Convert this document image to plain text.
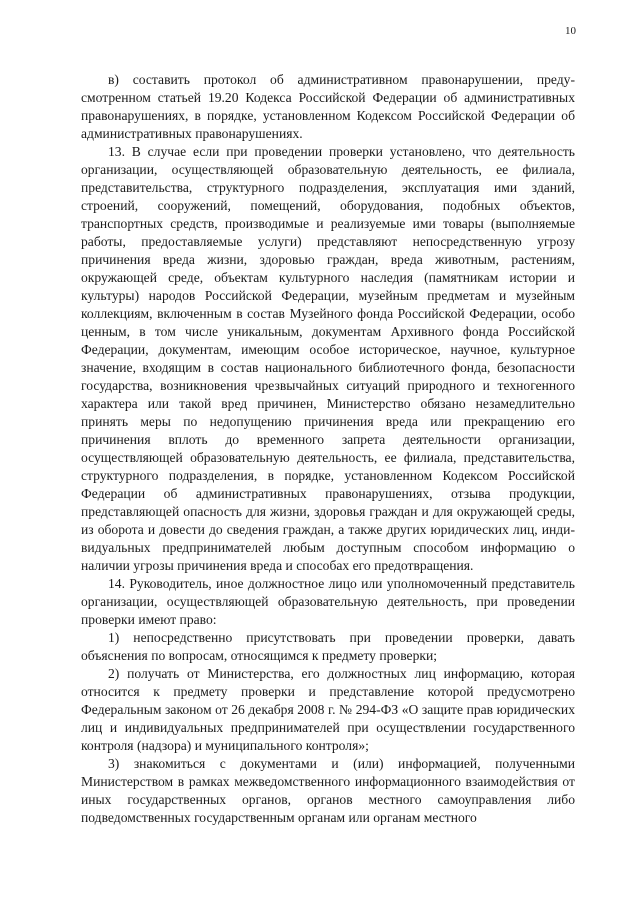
10

в) составить протокол об административном правонарушении, предусмотренном статьей 19.20 Кодекса Российской Федерации об административных правонарушениях, в порядке, установленном Кодексом Российской Федерации об административных правонарушениях.

13. В случае если при проведении проверки установлено, что деятельность организации, осуществляющей образовательную деятельность, ее филиала, представительства, структурного подразделения, эксплуатация ими зданий, строений, сооружений, помещений, оборудования, подобных объектов, транспортных средств, производимые и реализуемые ими товары (выполняемые работы, предоставляемые услуги) представляют непосредственную угрозу причинения вреда жизни, здоровью граждан, вреда животным, растениям, окружающей среде, объектам культурного наследия (памятникам истории и культуры) народов Российской Федерации, музейным предметам и музейным коллекциям, включенным в состав Музейного фонда Российской Федерации, особо ценным, в том числе уникальным, документам Архивного фонда Российской Федерации, документам, имеющим особое историческое, научное, культурное значение, входящим в состав национального библиотечного фонда, безопасности государства, возникновения чрезвычайных ситуаций природного и техногенного характера или такой вред причинен, Министерство обязано незамедлительно принять меры по недопущению причинения вреда или прекращению его причинения вплоть до временного запрета деятельности организации, осуществляющей образовательную деятельность, ее филиала, представительства, структурного подразделения, в порядке, установленном Кодексом Российской Федерации об административных правонарушениях, отзыва продукции, представляющей опасность для жизни, здоровья граждан и для окружающей среды, из оборота и довести до сведения граждан, а также других юридических лиц, индивидуальных предпринимателей любым доступным способом информацию о наличии угрозы причинения вреда и способах его предотвращения.

14. Руководитель, иное должностное лицо или уполномоченный представитель организации, осуществляющей образовательную деятельность, при проведении проверки имеют право:

1) непосредственно присутствовать при проведении проверки, давать объяснения по вопросам, относящимся к предмету проверки;

2) получать от Министерства, его должностных лиц информацию, которая относится к предмету проверки и представление которой предусмотрено Федеральным законом от 26 декабря 2008 г. № 294-ФЗ «О защите прав юридических лиц и индивидуальных предпринимателей при осуществлении государственного контроля (надзора) и муниципального контроля»;

3) знакомиться с документами и (или) информацией, полученными Министерством в рамках межведомственного информационного взаимодействия от иных государственных органов, органов местного самоуправления либо подведомственных государственным органам или органам местного
